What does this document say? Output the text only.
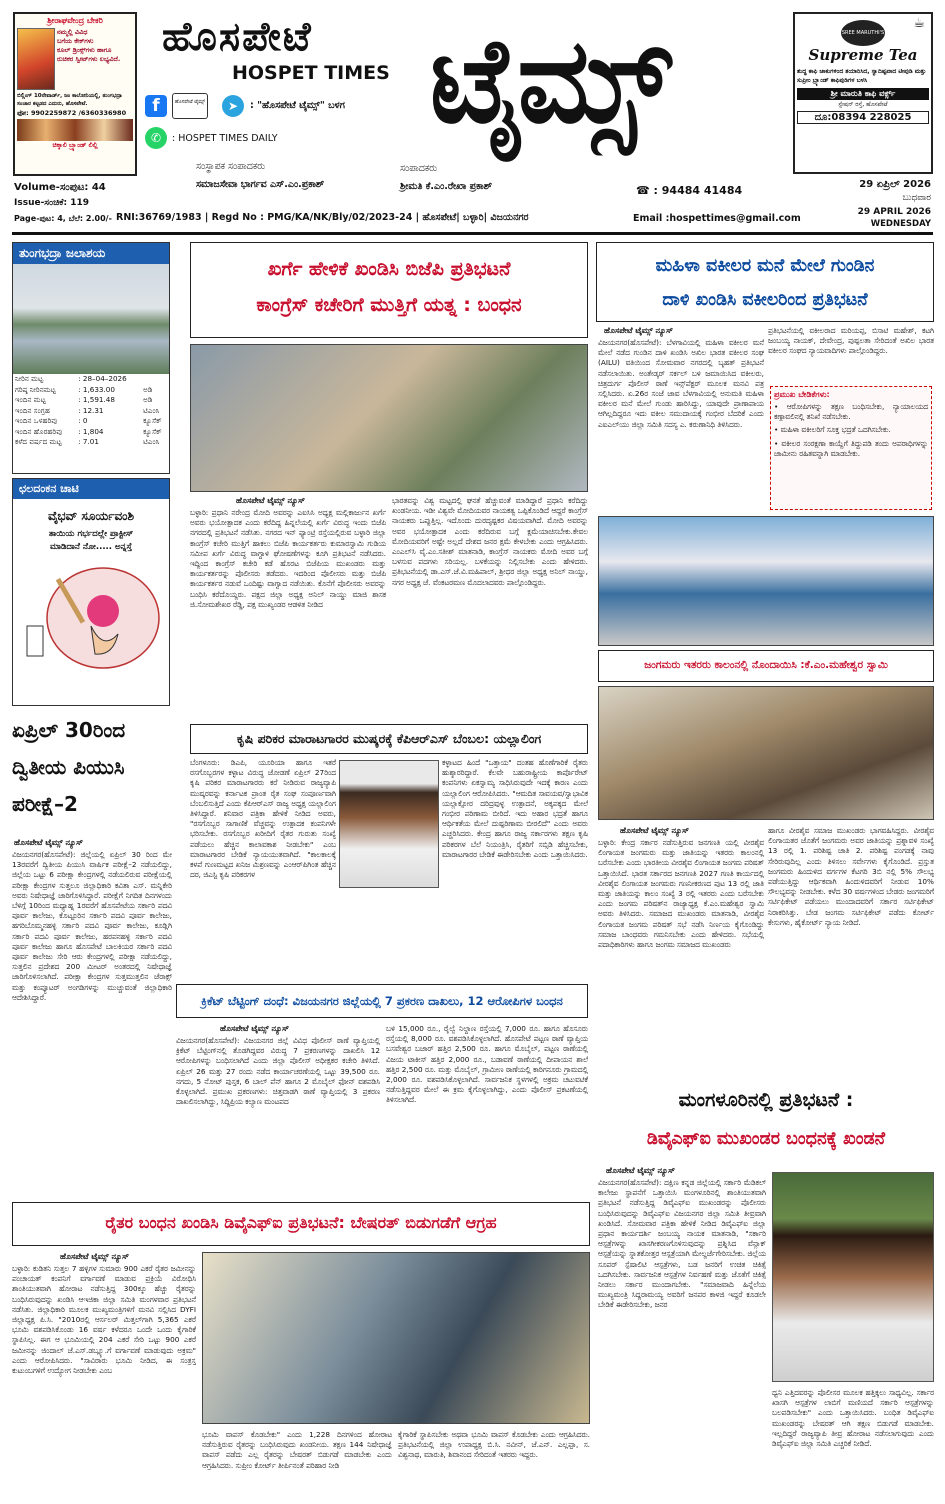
ಶ್ರೀರಾಘವೇಂದ್ರ ಬೇಕರಿ
ನಮ್ಮಲ್ಲಿ ವಿವಿಧ
ಬಗೆಯ ಕೇಕ್‌ಗಳು
ಕೂಲ್ ಡ್ರಿಂಕ್ಸ್‌ಗಳು ಹಾಗೂ
ರುಚಿಕರ ಸ್ವೀಟ್‌ಗಳು ಲಭ್ಯವಿದೆ.
ಬಿಲ್ಲಿಂಗ್ 10ನೇವಾರ್ಡ್, ಜಂ ಕಾಲೋನಿಯಲ್ಲಿ, ತುಂಗಭದ್ರಾ ಸಂಚಾರ ಕಟ್ಟಡದ ಎದುರು, ಹೊಸಪೇಟೆ.
ಫೋ: 9902259872 /6360336980
ಚಿಕ್ಕಾಲಿ ಬ್ರ್ಯಾಂಡ್ ಲಿಲ್ಲಿ
ಹೊಸಪೇಟೆ
HOSPET TIMES ಟೈಮ್ಸ್
f	ಹೊಸಪೇಟೆ ಟೈಮ್ಸ್	➤	: "ಹೊಸಪೇಟೆ ಟೈಮ್ಸ್" ಬಳಗ
✆	: HOSPET TIMES DAILY
ಸಂಸ್ಥಾಪಕ ಸಂಪಾದಕರು
ಸಮಾಜಸೇವಾ ಭಾರ್ಗವ ಎಸ್.ಎಂ.ಪ್ರಕಾಶ್
ಸಂಪಾದಕರು
ಶ್ರೀಮತಿ ಕೆ.ಎಂ.ರೇಖಾ ಪ್ರಕಾಶ್	☎ : 94484 41484
☕
SREE MARUTHI'S
Supreme Tea
ಶುದ್ಧ ಕಾಫಿ ಜಾಕುಗಳಿಂದ ತಯಾರಿಸಿದ, ಸ್ವಾದಿಷ್ಟವಾದ ಟೀಪುಡಿ ಮತ್ತು ಸುಪ್ರೀಂ ಬ್ರ್ಯಾಂಡ್ ಕಾಫಿಪುಡಿಗಳ ಬಳಸಿ
ಶ್ರೀ ಮಾರುತಿ ಕಾಫಿ ವರ್ಕ್ಸ್
ಸ್ಟೇಷನ್ ರಸ್ತೆ, ಹೊಸಪೇಟೆ
ದೂ:08394 228025
Volume-ಸಂಪುಟ: 44
Issue-ಸಂಚಿಕೆ: 119
Page-ಪುಟ: 4, ಬೆಲೆ: 2.00/- RNI:36769/1983 | Regd No : PMG/KA/NK/Bly/02/2023-24 | ಹೊಸಪೇಟೆ| ಬಳ್ಳಾರಿ| ವಿಜಯನಗರ	Email :hospettimes@gmail.com
29 ಏಪ್ರಿಲ್ 2026
ಬುಧವಾರ
29 APRIL 2026
WEDNESDAY
ತುಂಗಭದ್ರಾ ಜಲಾಶಯ
ನೀರಿನ ಮಟ್ಟ	: 28–04–2026	
ಗರಿಷ್ಠ ನೀರಿನಮಟ್ಟ	: 1,633.00	ಅಡಿ
ಇಂದಿನ ಮಟ್ಟ	: 1,591.48	ಅಡಿ
ಇಂದಿನ ಸಂಗ್ರಹ	: 12.31	ಟಿಎಂಸಿ
ಇಂದಿನ ಒಳಹರಿವು	: 0	ಕ್ಯೂಸೆಕ್
ಇಂದಿನ ಹೊರಹರಿವು	: 1,804	ಕ್ಯೂಸೆಕ್
ಕಳೆದ ವರ್ಷದ ಮಟ್ಟ	: 7.01	ಟಿಎಂಸಿ
ಛಲದಂಕನ ಚಾಟಿ
ವೈಭವ್ ಸೂರ್ಯವಂಶಿ
ತಾಯಿಯ ಗರ್ಭದಲ್ಲೇ ಪ್ರಾಕ್ಟೀಸ್
ಮಾಡಿದಾನೆ ನೋ..... ಅನ್ನಸ್ತೆ
ಏಪ್ರಿಲ್ 30ರಿಂದ ದ್ವಿತೀಯ ಪಿಯುಸಿ ಪರೀಕ್ಷೆ–2
ಹೊಸಪೇಟೆ ಟೈಮ್ಸ್ ನ್ಯೂಸ್

ವಿಜಯನಗರ(ಹೊಸಪೇಟೆ): ಜಿಲ್ಲೆಯಲ್ಲಿ ಏಪ್ರಿಲ್ 30 ರಿಂದ ಮೇ 13ರವರೆಗೆ ದ್ವಿತೀಯ ಪಿಯುಸಿ ವಾರ್ಷಿಕ ಪರೀಕ್ಷೆ–2 ನಡೆಯಲಿದ್ದು, ಜಿಲ್ಲೆಯ ಒಟ್ಟು 6 ಪರೀಕ್ಷಾ ಕೇಂದ್ರಗಳಲ್ಲಿ ನಡೆಯಲಿರುವ ಪರೀಕ್ಷೆಯಲ್ಲಿ ಪರೀಕ್ಷಾ ಕೇಂದ್ರಗಳ ಸುತ್ತಲೂ ಜಿಲ್ಲಾಧಿಕಾರಿ ಕವಿತಾ ಎಸ್. ಮನ್ನಿಕೇರಿ ಅವರು ನಿಷೇಧಾಜ್ಞೆ ಜಾರಿಗೊಳಿಸಿದ್ದಾರೆ. ಪರೀಕ್ಷೆಗೆ ನಿಗದಿತ ದಿನಗಳಂದು ಬೆಳಿಗ್ಗೆ 10ರಿಂದ ಮಧ್ಯಾಹ್ನ 1ರವರೆಗೆ ಹೊಸಪೇಟೆಯ ಸರ್ಕಾರಿ ಪದವಿ ಪೂರ್ವ ಕಾಲೇಜು, ಕೊಟ್ಟೂರಿನ ಸರ್ಕಾರಿ ಪದವಿ ಪೂರ್ವ ಕಾಲೇಜು, ಹಗರಿಬೊಮ್ಮನಹಳ್ಳಿ ಸರ್ಕಾರಿ ಪದವಿ ಪೂರ್ವ ಕಾಲೇಜು, ಕೂಡ್ಲಿಗಿ ಸರ್ಕಾರಿ ಪದವಿ ಪೂರ್ವ ಕಾಲೇಜು, ಹರಪನಹಳ್ಳಿ ಸರ್ಕಾರಿ ಪದವಿ ಪೂರ್ವ ಕಾಲೇಜು ಹಾಗೂ ಹೊಸಪೇಟೆ ಬಾಲಕಿಯರ ಸರ್ಕಾರಿ ಪದವಿ ಪೂರ್ವ ಕಾಲೇಜು ಸೇರಿ ಆರು ಕೇಂದ್ರಗಳಲ್ಲಿ ಪರೀಕ್ಷಾ ನಡೆಯಲಿದ್ದು, ಸುತ್ತಲಿನ ಪ್ರದೇಶದ 200 ಮೀಟರ್ ಅಂತರದಲ್ಲಿ ನಿಷೇಧಾಜ್ಞೆ ಜಾರಿಗೊಳಿಸಲಾಗಿದೆ. ಪರೀಕ್ಷಾ ಕೇಂದ್ರಗಳ ಸುತ್ತಮುತ್ತಲಿನ ಜೆರಾಕ್ಸ್ ಮತ್ತು ಕಂಪ್ಯೂಟರ್ ಅಂಗಡಿಗಳನ್ನು ಮುಚ್ಚುವಂತೆ ಜಿಲ್ಲಾಧಿಕಾರಿ ಆದೇಶಿಸಿದ್ದಾರೆ.

ಖರ್ಗೆ ಹೇಳಿಕೆ ಖಂಡಿಸಿ ಬಿಜೆಪಿ ಪ್ರತಿಭಟನೆ
ಕಾಂಗ್ರೆಸ್ ಕಚೇರಿಗೆ ಮುತ್ತಿಗೆ ಯತ್ನ : ಬಂಧನ
ಹೊಸಪೇಟೆ ಟೈಮ್ಸ್ ನ್ಯೂಸ್

ಬಳ್ಳಾರಿ: ಪ್ರಧಾನಿ ನರೇಂದ್ರ ಮೋದಿ ಅವರನ್ನು ಎಐಸಿಸಿ ಅಧ್ಯಕ್ಷ ಮಲ್ಲಿಕಾರ್ಜುನ ಖರ್ಗೆ ಅವರು ಭಯೋತ್ಪಾದಕ ಎಂದು ಕರೆದಿದ್ದ ಹಿನ್ನಲೆಯಲ್ಲಿ ಖರ್ಗೆ ವಿರುದ್ಧ ಇಂದು ಬಿಜೆಪಿ ನಗರದಲ್ಲಿ ಪ್ರತಿಭಟನೆ ನಡೆಸಿತು. ನಗರದ ಇನ್ ಫ್ಯಾಂಟ್ರಿ ರಸ್ತೆಯಲ್ಲಿರುವ ಬಳ್ಳಾರಿ ಜಿಲ್ಲಾ ಕಾಂಗ್ರೆಸ್ ಕಚೇರಿ ಮುತ್ತಿಗೆ ಹಾಕಲು ಬಿಜೆಪಿ ಕಾರ್ಯಕರ್ತರು ಕುಮಾರಸ್ವಾಮಿ ಗುಡಿಯ ಸಮೀಪ ಖರ್ಗೆ ವಿರುದ್ಧ ವಾಗ್ದಾಳಿ ಘೋಷಣೆಗಳನ್ನು ಕೂಗಿ ಪ್ರತಿಭಟನೆ ನಡೆಸಿದರು. ಇದ್ದಿಂದ ಕಾಂಗ್ರೆಸ್ ಕಚೇರಿ ಕಡೆ ಹೊರಟ ಬಿಜೆಪಿಯ ಮುಖಂಡರು ಮತ್ತು ಕಾರ್ಯಕರ್ತರನ್ನು ಪೊಲೀಸರು ತಡೆದರು. ಇದರಿಂದ ಪೊಲೀಸರು ಮತ್ತು ಬಿಜೆಪಿ ಕಾರ್ಯಕರ್ತರ ನಡುವೆ ಒಂದಿಷ್ಟು ವಾಗ್ವಾದ ನಡೆಯಿತು. ಕೊನೆಗೆ ಪೊಲೀಸರು ಅವರನ್ನು ಬಂಧಿಸಿ ಕರೆದೊಯ್ದರು. ಪಕ್ಷದ ಜಿಲ್ಲಾ ಅಧ್ಯಕ್ಷ ಅನಿಲ್ ನಾಯ್ಡು ಮಾಜಿ ಶಾಸಕ ಜಿ.ಸೋಮಶೇಖರ ರೆಡ್ಡಿ, ಪಕ್ಷ ಮುಖ್ಯಂಡರ ಆಡಳಿತ ನೀಡಿದ

ಭಾರತವನ್ನು ವಿಶ್ವ ಮಟ್ಟದಲ್ಲಿ ಘನತೆ ಹೆಚ್ಚುವಂತೆ ಮಾಡಿದ್ದಾರೆ ಪ್ರಧಾನಿ ಕರೆದಿದ್ದು ಖಂಡನೀಯ. ಇಡೀ ವಿಶ್ವವೇ ಮೋದಿಯವರ ನಾಯಕತ್ವ ಒಪ್ಪಿಕೊಂಡಿದೆ ಆದ್ದರೆ ಕಾಂಗ್ರೆಸ್ ನಾಯಕರು ಒಪ್ಪುತ್ತಿಲ್ಲ. ಇದೊಂದು ದುರದೃಷ್ಟಕರ ವಿಷಯವಾಗಿದೆ. ಮೋದಿ ಅವರನ್ನು ಅವರ ಭಯೋತ್ಪಾದಕ ಎಂದು ಕರೆದಿರುವ ಬಗ್ಗೆ ಕ್ಷಮೆಯಾಚಿಸಬೇಕು.ಕೇವಲ ಮೋದಿಯವರಿಗೆ ಅಷ್ಟೇ ಅಲ್ಲದೆ ದೇಶದ ಜನರ ಕ್ಷಮೆ ಕೇಳಬೇಕು ಎಂದು ಆಗ್ರಹಿಸಿದರು. ಎಂಎಲ್‌ಸಿ ವೈ.ಎಂ.ಸತೀಶ್ ಮಾತನಾಡಿ, ಕಾಂಗ್ರೆಸ್ ನಾಯಕರು ಮೋದಿ ಅವರ ಬಗ್ಗೆ ಬಳಸುವ ಪದಗಳು ಸರಿಯಲ್ಲ. ಬಳಕೆಯನ್ನು ನಿಲ್ಲಿಸಬೇಕು ಎಂದು ಹೇಳಿದರು. ಪ್ರತಿಭಟನೆಯಲ್ಲಿ ಡಾ.ಎಸ್.ಜೆ.ವಿ.ಮಹಿಪಾಲ್, ಶ್ರೀಧರ ಜಿಲ್ಲಾ ಅಧ್ಯಕ್ಷ ಅನಿಲ್ ನಾಯ್ಡು, ನಗರ ಅಧ್ಯಕ್ಷ ಜೆ. ವೆಂಕಟರಮಣ ಮೊದಲಾದವರು ಪಾಲ್ಗೊಂಡಿದ್ದರು.

ಕೃಷಿ ಪರಿಕರ ಮಾರಾಟಗಾರರ ಮುಷ್ಕರಕ್ಕೆ ಕೆಪಿಆರ್‌ಎಸ್ ಬೆಂಬಲ: ಯಲ್ಲಾಲಿಂಗ

ಬೆಂಗಳೂರು: ಡಿಎಪಿ, ಯೂರಿಯಾ ಹಾಗೂ ಇತರೆ ರಸಗೊಬ್ಬರಗಳ ಕಳ್ಳಾಟ ವಿರುದ್ಧ ಜೋಡಣೆ ಏಪ್ರಿಲ್ 27ರಿಂದ ಕೃಷಿ ಪರಿಕರ ಮಾರಾಟಗಾರರು ಕರೆ ನೀಡಿರುವ ರಾಜ್ಯವ್ಯಾಪಿ ಮುಷ್ಕರವನ್ನು ಕರ್ನಾಟಕ ಪ್ರಾಂತ ರೈತ ಸಂಘ ಸಂಪೂರ್ಣವಾಗಿ ಬೆಂಬಲಿಸುತ್ತಿದೆ ಎಂದು ಕೆಪಿಆರ್‌ಎಸ್ ರಾಜ್ಯ ಅಧ್ಯಕ್ಷ ಯಲ್ಲಾಲಿಂಗ ತಿಳಿಸಿದ್ದಾರೆ. ಶನಿವಾರ ಪತ್ರಿಕಾ ಹೇಳಿಕೆ ನೀಡಿದ ಅವರು, "ರಸಗೊಬ್ಬರ ಸಾಗಾಣಿಕೆ ವೆಚ್ಚವನ್ನು ಉತ್ಪಾದಕ ಕಂಪನಿಗಳೇ ಭರಿಸಬೇಕು. ರಸಗೊಬ್ಬರ ಖರೀದಿಗೆ ರೈತರ ಗುರುತು ಸಂಖ್ಯೆ ಪಡೆಯಲು ಹೆಚ್ಚಿನ ಕಾಲಾವಕಾಶ ನೀಡಬೇಕು" ಎಂಬ ಮಾರಾಟಗಾರರ ಬೇಡಿಕೆ ನ್ಯಾಯಯುತವಾಗಿದೆ. "ಕಾಲಕಾಲಕ್ಕೆ ಕಳಪೆ ಗುಣಮಟ್ಟದ ಖನಿಜ ಮಿಶ್ರಣವನ್ನು ಎಂಆರ್‌ಪಿಗಿಂತ ಹೆಚ್ಚಿನ ದರ, ಜಿಎಸ್ಟಿ ಕೃಷಿ ಪರಿಕರಗಳ

ಕಳ್ಳಾಟದ ಹಿಂದೆ "ಒತ್ತಾಯ" ದಂತಹ ಹೊಣೆಗಾರಿಕೆ ರೈತರು ಹುಶ್ಶಾರರಿದ್ದಾರೆ. ಕೆಲವೇ ಬಹುರಾಷ್ಟ್ರೀಯ ಕಾರ್ಪೊರೇಟ್ ಕಂಪನಿಗಳು ಏಕಸ್ವಾಮ್ಯ ಸಾಧಿಸಿರುವುದೇ ಇದಕ್ಕೆ ಕಾರಣ ಎಂದು ಯಲ್ಲಾಲಿಂಗ ಆರೋಪಿಸಿದರು. "ಆಮದಿತ ಸಾವಯವ/ಸ್ವಾಭಾವಿಕ ಯಲ್ಲಾಕ್ಸೋರ ದರಿದ್ರವುಳ್ಳ ಉತ್ಪಾದನೆ, ಅಕ್ಕಪಕ್ಕದ ಮೇಲೆ ಗಂಭೀರ ಪರಿಣಾಮ ಬೀರಿದೆ. ಇದು ಅಹಾರ ಭದ್ರತೆ ಹಾಗೂ ಆರ್ಥಿಕತೆಯ ಮೇಲೆ ದುಷ್ಪರಿಣಾಮ ಬೀರಲಿದೆ" ಎಂದು ಅವರು ಎಚ್ಚರಿಸಿದರು. ಕೇಂದ್ರ ಹಾಗೂ ರಾಜ್ಯ ಸರ್ಕಾರಗಳು ತಕ್ಷಣ ಕೃಷಿ ಪರಿಕರಗಳ ಬೆಲೆ ನಿಯಂತ್ರಿಸಿ, ರೈತರಿಗೆ ಸಬ್ಸಿಡಿ ಹೆಚ್ಚಿಸಬೇಕು, ಮಾರಾಟಗಾರರ ಬೇಡಿಕೆ ಈಡೇರಿಸಬೇಕು ಎಂದು ಒತ್ತಾಯಿಸಿದರು.

ಕ್ರಿಕೆಟ್ ಬೆಟ್ಟಿಂಗ್ ದಂಧೆ: ವಿಜಯನಗರ ಜಿಲ್ಲೆಯಲ್ಲಿ 7 ಪ್ರಕರಣ ದಾಖಲು, 12 ಆರೋಪಿಗಳ ಬಂಧನ
ಹೊಸಪೇಟೆ ಟೈಮ್ಸ್ ನ್ಯೂಸ್

ವಿಜಯನಗರ(ಹೊಸಪೇಟೆ): ವಿಜಯನಗರ ಜಿಲ್ಲೆ ವಿವಿಧ ಪೊಲೀಸ್ ಠಾಣೆ ವ್ಯಾಪ್ತಿಯಲ್ಲಿ ಕ್ರಿಕೆಟ್ ಬೆಟ್ಟಿಂಗ್‌ನಲ್ಲಿ ತೊಡಗಿದ್ದವರ ವಿರುದ್ಧ 7 ಪ್ರಕರಣಗಳನ್ನು ದಾಖಲಿಸಿ 12 ಆರೋಪಿಗಳನ್ನು ಬಂಧಿಸಲಾಗಿದೆ ಎಂದು ಜಿಲ್ಲಾ ಪೊಲೀಸ್ ಅಧೀಕ್ಷಕರ ಕಚೇರಿ ತಿಳಿಸಿದೆ. ಏಪ್ರಿಲ್ 26 ಮತ್ತು 27 ರಂದು ನಡೆದ ಕಾರ್ಯಾಚರಣೆಯಲ್ಲಿ ಒಟ್ಟು 39,500 ರೂ. ನಗದು, 5 ನೋಟ್ ಪುಸ್ತಕ, 6 ಬಾಲ್ ಪೆನ್ ಹಾಗೂ 2 ಮೊಬೈಲ್ ಫೋನ್ ವಶಪಡಿಸಿ ಕೊಳ್ಳಲಾಗಿದೆ. ಪ್ರಮುಖ ಪ್ರಕರಣಗಳು: ಚಿತ್ತವಾಡಗಿ ಠಾಣೆ ವ್ಯಾಪ್ತಿಯಲ್ಲಿ 3 ಪ್ರಕರಣ ದಾಖಲಿಸಲಾಗಿದ್ದು, ಸಿದ್ದಿಪ್ರಿಯ ಕಲ್ಯಾಣ ಮಂಟಪದ

ಬಳಿ 15,000 ರೂ., ರೈಲ್ವೆ ನಿಲ್ದಾಣ ರಸ್ತೆಯಲ್ಲಿ 7,000 ರೂ. ಹಾಗೂ ಹೊಸೂರು ರಸ್ತೆಯಲ್ಲಿ 8,000 ರೂ. ವಶಪಡಿಸಿಕೊಳ್ಳಲಾಗಿದೆ. ಹೊಸಪೇಟೆ ಪಟ್ಟಣ ಠಾಣೆ ವ್ಯಾಪ್ತಿಯ ಬಸವೇಶ್ವರ ಬಜಾರ್ ಹತ್ತಿರ 2,500 ರೂ. ಹಾಗೂ ಮೊಬೈಲ್, ಪಟ್ಟಣ ಠಾಣೆಯಲ್ಲಿ ವಿಜಯ ಟಾಕೀಸ್ ಹತ್ತಿರ 2,000 ರೂ., ಬಡಾವಣೆ ಠಾಣೆಯಲ್ಲಿ ದೀಪಾಯನ ಶಾಲೆ ಹತ್ತಿರ 2,500 ರೂ. ಮತ್ತು ಮೊಬೈಲ್, ಗ್ರಾಮೀಣ ಠಾಣೆಯಲ್ಲಿ ಕಾರಿಗನೂರು ಗ್ರಾಮದಲ್ಲಿ 2,000 ರೂ. ವಶಪಡಿಸಿಕೊಳ್ಳಲಾಗಿದೆ. ಸಾರ್ವಜನಿಕ ಸ್ಥಳಗಳಲ್ಲಿ ಅಕ್ರಮ ಚಟುವಟಿಕೆ ನಡೆಸುತ್ತಿದ್ದವರ ಮೇಲೆ ಈ ಕ್ರಮ ಕೈಗೊಳ್ಳಲಾಗಿದ್ದು, ಎಂದು ಪೊಲೀಸ್ ಪ್ರಕಟಣೆಯಲ್ಲಿ ತಿಳಿಸಲಾಗಿದೆ.

ಮಹಿಳಾ ವಕೀಲರ ಮನೆ ಮೇಲೆ ಗುಂಡಿನ
ದಾಳಿ ಖಂಡಿಸಿ ವಕೀಲರಿಂದ ಪ್ರತಿಭಟನೆ
ಹೊಸಪೇಟೆ ಟೈಮ್ಸ್ ನ್ಯೂಸ್

ವಿಜಯನಗರ(ಹೊಸಪೇಟೆ): ಬೆಳಗಾವಿಯಲ್ಲಿ ಮಹಿಳಾ ವಕೀಲರ ಮನೆ ಮೇಲೆ ನಡೆದ ಗುಂಡಿನ ದಾಳಿ ಖಂಡಿಸಿ ಅಖಿಲ ಭಾರತ ವಕೀಲರ ಸಂಘ (AILU) ವತಿಯಿಂದ ಸೋಮವಾರ ನಗರದಲ್ಲಿ ಬೃಹತ್ ಪ್ರತಿಭಟನೆ ನಡೆಸಲಾಯಿತು. ಅಂತೇಡ್ಕರ್ ಸರ್ಕಲ್ ಬಳಿ ಜಮಾಯಿಸಿದ ವಕೀಲರು, ಚಿತ್ರದುರ್ಗ ಪೊಲೀಸ್ ಠಾಣೆ ಇನ್ಸ್‌ಪೆಕ್ಟರ್ ಮೂಲಕ ಮನವಿ ಪತ್ರ ಸಲ್ಲಿಸಿದರು. ಏ.26ರ ಸಂಜೆ ಜಾವ ಬೆಳಗಾವಿಯಲ್ಲಿ ಅನುಮತಿ ಮಹಿಳಾ ವಕೀಲರ ಮನೆ ಮೇಲೆ ಗುಂಡು ಹಾರಿಸಿದ್ದು, ಯಾವುದೇ ಪ್ರಾಣಾಪಾಯ ಆಗಿಲ್ಲದಿದ್ದರೂ ಇದು ವಕೀಲ ಸಮುದಾಯಕ್ಕೆ ಗಂಭೀರ ಬೆದರಿಕೆ ಎಂದು ಎಐಎಲ್‌ಯು ಜಿಲ್ಲಾ ಸಮಿತಿ ಸದಸ್ಯ ಎ. ಕರುಣಾನಿಧಿ ತಿಳಿಸಿದರು.

ಪ್ರತಿಭಟನೆಯಲ್ಲಿ ವಕೀಲರಾದ ಮರಿಯಪ್ಪ, ಬಿಸಾಟಿ ಮಹೇಶ್, ಕಟಗಿ ಜಂಬಯ್ಯ ನಾಯಕ್, ದೇವೇಂದ್ರ, ಪುಷ್ಪಲತಾ ಸೇರಿದಂತೆ ಅಖಿಲ ಭಾರತ ವಕೀಲರ ಸಂಘದ ನ್ಯಾಯವಾದಿಗಳು ಪಾಲ್ಗೊಂಡಿದ್ದರು.

ಪ್ರಮುಖ ಬೇಡಿಕೆಗಳು:

• ಆರೋಪಿಗಳನ್ನು ತಕ್ಷಣ ಬಂಧಿಸಬೇಕು, ನ್ಯಾಯಾಲಯದ ಕಣ್ಗಾವಲಿನಲ್ಲಿ ತನಿಖೆ ನಡೆಸಬೇಕು.

• ಮಹಿಳಾ ವಕೀಲರಿಗೆ ಸೂಕ್ತ ಭದ್ರತೆ ಒದಗಿಸಬೇಕು.

• ವಕೀಲರ ಸಂರಕ್ಷಣಾ ಕಾಯ್ದೆಗೆ ತಿದ್ದುಪಡಿ ತಂದು ಅಪರಾಧಿಗಳನ್ನು ಜಾಮೀನು ರಹಿತವನ್ನಾಗಿ ಮಾಡಬೇಕು.

ಜಂಗಮರು ಇತರರು ಕಾಲಂನಲ್ಲಿ ನೊಂದಾಯಿಸಿ :ಕೆ.ಎಂ.ಮಹೇಶ್ವರ ಸ್ವಾಮಿ
ಹೊಸಪೇಟೆ ಟೈಮ್ಸ್ ನ್ಯೂಸ್

ಬಳ್ಳಾರಿ: ಕೇಂದ್ರ ಸರ್ಕಾರ ನಡೆಸುತ್ತಿರುವ ಜನಗಣತಿ ಯಲ್ಲಿ ವೀರಶೈವ ಲಿಂಗಾಯತ ಜಂಗಮರು ಮತ್ತು ಜಾತಿಯನ್ನು ಇತರರು ಕಾಲಂನಲ್ಲಿ ಬರೆಸಬೇಕು ಎಂದು ಭಾರತೀಯ ವೀರಶೈವ ಲಿಂಗಾಯತ ಜಂಗಮ ಪರಿಷತ್ ಒತ್ತಾಯಿಸಿದೆ. ಭಾರತ ಸರ್ಕಾರದ ಜನಗಣತಿ 2027 ಗಣತಿ ಕಾರ್ಯದಲ್ಲಿ ವೀರಶೈವ ಲಿಂಗಾಯತ ಜಂಗಮರು ಗಣನೀಕರಣದ ಪುಟ 13 ರಲ್ಲಿ ಜಾತಿ ಮತ್ತು ಜಾತಿಯನ್ನು ಕಾಲಂ ಸಂಖ್ಯೆ 3 ರಲ್ಲಿ ಇತರರು ಎಂದು ಬರೆಸಬೇಕು ಎಂದು ಜಂಗಮ ಪರಿಷತ್‌ನ ರಾಜ್ಯಾಧ್ಯಕ್ಷ ಕೆ.ಎಂ.ಮಹೇಶ್ವರ ಸ್ವಾಮಿ ಅವರು ತಿಳಿಸಿದರು. ಸಮಾಜದ ಮುಖಂಡರು ಮಾತನಾಡಿ, ವೀರಶೈವ ಲಿಂಗಾಯತ ಜಂಗಮ ಪರಿಷತ್ ಸಭೆ ನಡೆಸಿ ನಿರ್ಣಯ ಕೈಗೊಂಡಿದ್ದು ಸಮಾಜ ಬಾಂಧವರು ಗಮನಿಸಬೇಕು ಎಂದು ಹೇಳಿದರು. ಸಭೆಯಲ್ಲಿ ಪದಾಧಿಕಾರಿಗಳು ಹಾಗೂ ಜಂಗಮ ಸಮಾಜದ ಮುಖಂಡರು

ಹಾಗೂ ವೀರಶೈವ ಸಮಾಜ ಮುಖಂಡರು ಭಾಗವಹಿಸಿದ್ದರು. ವೀರಶೈವ ಲಿಂಗಾಯತರ ಜೊತೆಗೆ ಜಂಗಮರು ಅವರ ಜಾತಿಯನ್ನು ಪ್ರಶ್ನಾವಳಿ ಸಂಖ್ಯೆ 13 ರಲ್ಲಿ 1. ಪರಿಶಿಷ್ಟ ಜಾತಿ 2. ಪರಿಶಿಷ್ಟ ಪಂಗಡಕ್ಕೆ ನಾವು ಸೇರಿರುವುದಿಲ್ಲ ಎಂದು ತಿಳಿಸಲು ಸರ್ವೇಗಳು ಕೈಗೊಂಡಿದೆ. ಪ್ರಸ್ತುತ ಜಂಗಮರು ಹಿಂದುಳಿದ ವರ್ಗಗಳ ಕೆಟಗರಿ 3ಬಿ ನಲ್ಲಿ 5% ಸೌಲಭ್ಯ ಪಡೆಯುತ್ತಿದ್ದು ಆರ್ಥಿಕವಾಗಿ ಹಿಂದುಳಿದವರಿಗೆ ನೀಡುವ 10% ಸೌಲಭ್ಯವನ್ನು ನೀಡಬೇಕು. ಕಳೆದ 30 ವರ್ಷಗಳಿಂದ ಬೇಡರು ಜಂಗಮರಿಗೆ ಸರ್ಟಿಫಿಕೇಟ್ ಪಡೆಯಲು ಮುಂದಾದವರಿಗೆ ಸರ್ಕಾರ ಸರ್ಟಿಫಿಕೇಟ್ ನಿರಾಕರಿಸಿತ್ತು. ಬೇಡ ಜಂಗಮ ಸರ್ಟಿಫಿಕೇಟ್ ಪಡೆದು ಕೋರ್ಟ್ ಕೇಸುಗಳು, ಹೈಕೋರ್ಟ್ ನ್ಯಾಯ ನೀಡಿದೆ.

ಮಂಗಳೂರಿನಲ್ಲಿ ಪ್ರತಿಭಟನೆ :
ಡಿವೈಎಫ್‌ಐ ಮುಖಂಡರ ಬಂಧನಕ್ಕೆ ಖಂಡನೆ
ಹೊಸಪೇಟೆ ಟೈಮ್ಸ್ ನ್ಯೂಸ್

ವಿಜಯನಗರ(ಹೊಸಪೇಟೆ): ದಕ್ಷಿಣ ಕನ್ನಡ ಜಿಲ್ಲೆಯಲ್ಲಿ ಸರ್ಕಾರಿ ಮೆಡಿಕಲ್ ಕಾಲೇಜು ಸ್ಥಾಪನೆಗೆ ಒತ್ತಾಯಿಸಿ ಮಂಗಳೂರಿನಲ್ಲಿ ಶಾಂತಿಯುತವಾಗಿ ಪ್ರತಿಭಟನೆ ನಡೆಸುತ್ತಿದ್ದ ಡಿವೈಎಫ್‌ಐ ಮುಖಂಡರನ್ನು ಪೊಲೀಸರು ಬಂಧಿಸಿರುವುದನ್ನು ಡಿವೈಎಫ್‌ಐ ವಿಜಯನಗರ ಜಿಲ್ಲಾ ಸಮಿತಿ ತೀವ್ರವಾಗಿ ಖಂಡಿಸಿದೆ. ಸೋಮವಾರ ಪತ್ರಿಕಾ ಹೇಳಿಕೆ ನೀಡಿದ ಡಿವೈಎಫ್‌ಐ ಜಿಲ್ಲಾ ಪ್ರಧಾನ ಕಾರ್ಯದರ್ಶಿ ಜಂಬಯ್ಯ ನಾಯಕ ಮಾತನಾಡಿ, "ಸರ್ಕಾರಿ ಆಸ್ಪತ್ರೆಗಳನ್ನು ಖಾಸಗೀಕರಣಗೊಳಿಸುವುದನ್ನು ಪ್ರಶ್ನಿಸಿದ ವೆನ್ಲಾಕ್ ಆಸ್ಪತ್ರೆಯನ್ನು ಸ್ನಾತಕೋತ್ತರ ಆಸ್ಪತ್ರೆಯಾಗಿ ಮೇಲ್ದರ್ಜೆಗೇರಿಸಬೇಕು. ಜಿಲ್ಲೆಯ ಸೂಪರ್ ಸ್ಪೆಷಾಲಿಟಿ ಆಸ್ಪತ್ರೆಗಳು, ಬಡ ಜನರಿಗೆ ಉಚಿತ ಚಿಕಿತ್ಸೆ ಒದಗಿಸಬೇಕು. ಸಾರ್ವಜನಿಕ ಆಸ್ಪತ್ರೆಗಳ ನಿರ್ವಹಣೆ ಮತ್ತು ಜೊತೆಗೆ ಚಿಕಿತ್ಸೆ ನೀಡಲು ಸರ್ಕಾರ ಮುಂದಾಗಬೇಕು. "ಸಮಾಜವಾದಿ ಹಿನ್ನೆಲೆಯ ಮುಖ್ಯಮಂತ್ರಿ ಸಿದ್ದರಾಮಯ್ಯ ಅವರಿಗೆ ಜನಪರ ಕಾಳಜಿ ಇದ್ದರೆ ಕೂಡಲೇ ಬೇಡಿಕೆ ಈಡೇರಿಸಬೇಕು, ಜನರ

ಧ್ವನಿ ಎತ್ತಿದವರನ್ನು ಪೊಲೀಸರ ಮೂಲಕ ಹತ್ತಿಕ್ಕಲು ಸಾಧ್ಯವಿಲ್ಲ. ಸರ್ಕಾರ ಖಾಸಗಿ ಆಸ್ಪತ್ರೆಗಳ ಲಾಬಿಗೆ ಮಣಿಯದೆ ಸರ್ಕಾರಿ ಆಸ್ಪತ್ರೆಗಳನ್ನು ಬಲಪಡಿಸಬೇಕು" ಎಂದು ಒತ್ತಾಯಿಸಿದರು. ಬಂಧಿತ ಡಿವೈಎಫ್‌ಐ ಮುಖಂಡರನ್ನು ಬೇಷರತ್ ಆಗಿ ತಕ್ಷಣ ಬಿಡುಗಡೆ ಮಾಡಬೇಕು. ಇಲ್ಲದಿದ್ದರೆ ರಾಜ್ಯವ್ಯಾಪಿ ತೀವ್ರ ಹೋರಾಟ ನಡೆಸಲಾಗುವುದು ಎಂದು ಡಿವೈಎಫ್‌ಐ ಜಿಲ್ಲಾ ಸಮಿತಿ ಎಚ್ಚರಿಕೆ ನೀಡಿದೆ.

ರೈತರ ಬಂಧನ ಖಂಡಿಸಿ ಡಿವೈಎಫ್‌ಐ ಪ್ರತಿಭಟನೆ: ಬೇಷರತ್ ಬಿಡುಗಡೆಗೆ ಆಗ್ರಹ
ಹೊಸಪೇಟೆ ಟೈಮ್ಸ್ ನ್ಯೂಸ್

ಬಳ್ಳಾರಿ: ಕುಡಿತನಿ ಸುತ್ತಲ 7 ಹಳ್ಳಿಗಳ ಸುಮಾರು 900 ಎಕರೆ ರೈತರ ಜಮೀನನ್ನು ಪಂಚಾಯತ್ ಕಂಪನಿಗೆ ವರ್ಗಾವಣೆ ಮಾಡುವ ಪ್ರಕ್ರಿಯೆ ವಿರೋಧಿಸಿ ಶಾಂತಿಯುತವಾಗಿ ಹೋರಾಟ ನಡೆಸುತ್ತಿದ್ದ 300ಕ್ಕೂ ಹೆಚ್ಚು ರೈತರನ್ನು ಬಂಧಿಸಿರುವುದನ್ನು ಖಂಡಿಸಿ ಆಇಜಿಕಾ ಜಿಲ್ಲಾ ಸಮಿತಿ ಮಂಗಳವಾರ ಪ್ರತಿಭಟನೆ ನಡೆಸಿತು. ಜಿಲ್ಲಾಧಿಕಾರಿ ಮೂಲಕ ಮುಖ್ಯಮಂತ್ರಿಗಳಿಗೆ ಮನವಿ ಸಲ್ಲಿಸಿದ DYFI ಜಿಲ್ಲಾಧ್ಯಕ್ಷ ಪಿ.ಸಿ. "2010ರಲ್ಲಿ ಆರ್ಸಲರ್ ಮಿತ್ತಲ್‌ಗಾಗಿ 5,365 ಎಕರೆ ಭೂಮಿ ವಶಪಡಿಸಿಕೊಂಡು 16 ವರ್ಷ ಕಳೆದರೂ ಒಂದೇ ಒಂದು ಕೈಗಾರಿಕೆ ಸ್ಥಾಪಿಸಿಲ್ಲ. ಈಗ ಆ ಭೂಮಿಯಲ್ಲಿ 204 ಎಕರೆ ಸೇರಿ ಒಟ್ಟು 900 ಎಕರೆ ಜಮೀನನ್ನು ಜಿಂದಾಲ್ ಜೆ.ಎಸ್.ಡಬ್ಲ್ಯೂ.ಗೆ ವರ್ಗಾವಣೆ ಮಾಡುವುದು ಅಕ್ರಮ" ಎಂದು ಆರೋಪಿಸಿದರು. "ಸಾವಿರಾರು ಭೂಮಿ ನೀಡಿದ, ಈ ಸಂತ್ರಸ್ತ ಕುಟುಂಬಗಳಿಗೆ ಉದ್ಯೋಗ ನೀಡಬೇಕು ಎಂಬ

ಭೂಮಿ ವಾಪಸ್ ಕೊಡಬೇಕು" ಎಂದು 1,228 ದಿನಗಳಿಂದ ಹೋರಾಟ ನಡೆಸುತ್ತಿರುವ ರೈತರನ್ನು ಬಂಧಿಸಿರುವುದು ಖಂಡನೀಯ. ತಕ್ಷಣ 144 ನಿಷೇಧಾಜ್ಞೆ ವಾಪಸ್ ಪಡೆದು ಎಲ್ಲ ರೈತರನ್ನು ಬೇಷರತ್ ಬಿಡುಗಡೆ ಮಾಡಬೇಕು ಎಂದು ಆಗ್ರಹಿಸಿದರು. ಸುಪ್ರೀಂ ಕೋರ್ಟ್ ತೀರ್ಪಿನಂತೆ ಪರಿಹಾರ ನೀಡಿ

ಕೈಗಾರಿಕೆ ಸ್ಥಾಪಿಸಬೇಕು ಅಥವಾ ಭೂಮಿ ವಾಪಸ್ ಕೊಡಬೇಕು ಎಂದು ಆಗ್ರಹಿಸಿದರು. ಪ್ರತಿಭಟನೆಯಲ್ಲಿ ಜಿಲ್ಲಾ ಉಪಾಧ್ಯಕ್ಷ ಬಿ.ಸಿ. ನವೀನ್, ಜೆ.ಎನ್. ಎಲ್ಲಪ್ಪಾ, ಸ. ವಿಶ್ವನಾಥ, ಮಾರುತಿ, ಶಿವಾನಂದ ಸೇರಿದಂತೆ ಇತರರು ಇದ್ದರು.
